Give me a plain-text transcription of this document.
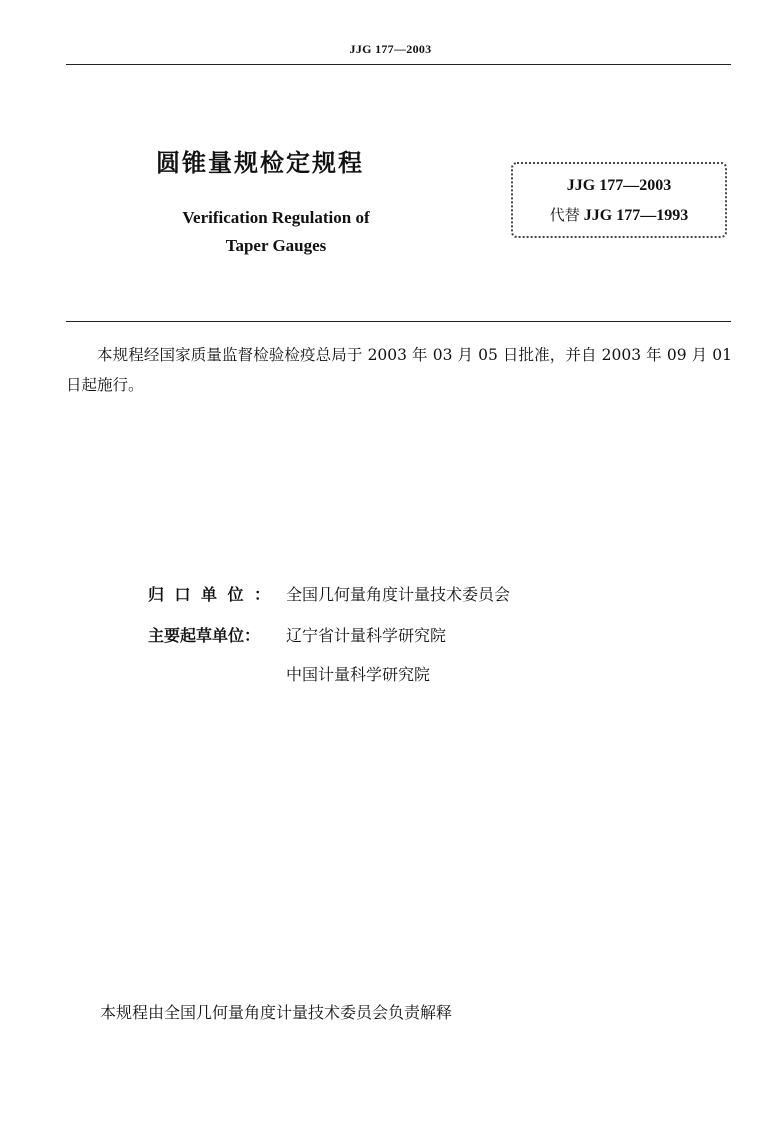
JJG 177—2003
圆锥量规检定规程
Verification Regulation of
Taper Gauges
JJG 177—2003
代替 JJG 177—1993
本规程经国家质量监督检验检疫总局于 2003 年 03 月 05 日批准，并自 2003 年 09 月 01 日起施行。
归口单位： 全国几何量角度计量技术委员会
主要起草单位： 辽宁省计量科学研究院
中国计量科学研究院
本规程由全国几何量角度计量技术委员会负责解释
